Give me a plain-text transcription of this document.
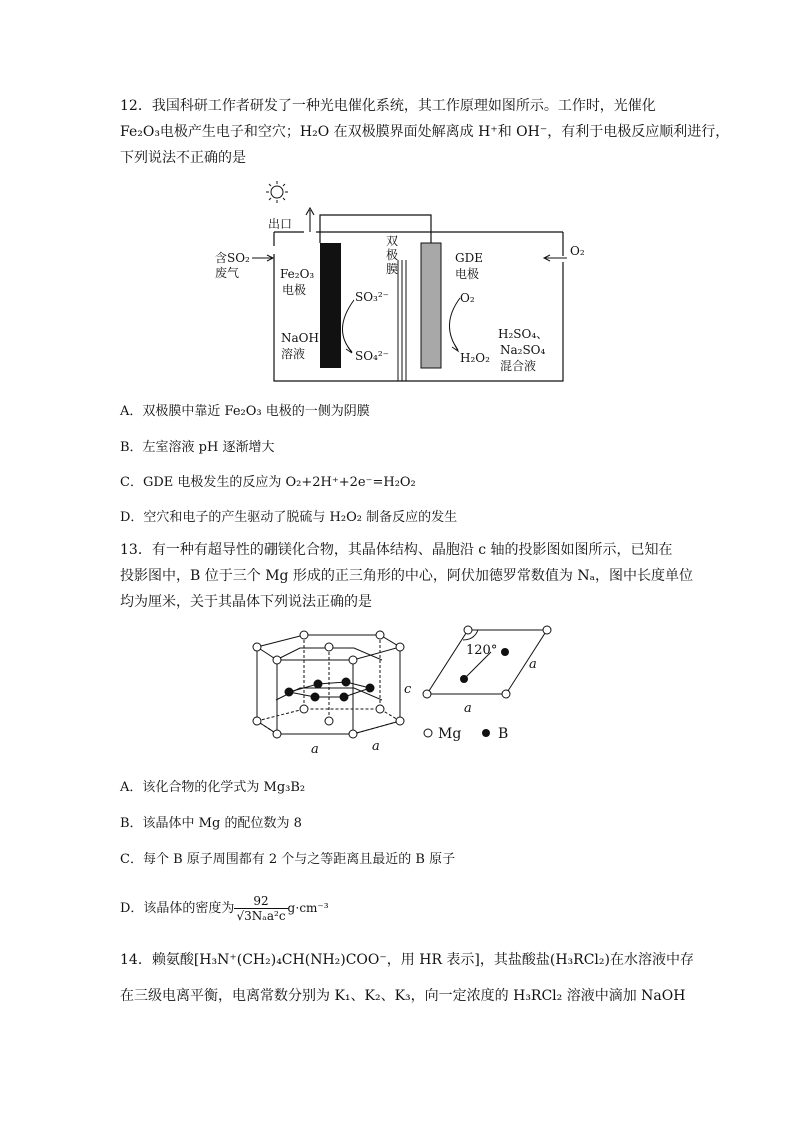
12．我国科研工作者研发了一种光电催化系统，其工作原理如图所示。工作时，光催化
Fe₂O₃电极产生电子和空穴；H₂O 在双极膜界面处解离成 H⁺和 OH⁻，有利于电极反应顺利进行，
下列说法不正确的是
出口
双
极
膜
含SO₂
废气	Fe₂O₃
电极	SO₃²⁻
SO₄²⁻
NaOH
溶液
GDE
电极
O₂
H₂O₂
O₂
H₂SO₄、
Na₂SO₄
混合液
A．双极膜中靠近 Fe₂O₃ 电极的一侧为阴膜
B．左室溶液 pH 逐渐增大
C．GDE 电极发生的反应为 O₂+2H⁺+2e⁻=H₂O₂
D．空穴和电子的产生驱动了脱硫与 H₂O₂ 制备反应的发生
13．有一种有超导性的硼镁化合物，其晶体结构、晶胞沿 c 轴的投影图如图所示，已知在
投影图中，B 位于三个 Mg 形成的正三角形的中心，阿伏加德罗常数值为 Nₐ，图中长度单位
均为厘米，关于其晶体下列说法正确的是
c
a	a
120°
a
a
Mg	B
A．该化合物的化学式为 Mg₃B₂
B．该晶体中 Mg 的配位数为 8
C．每个 B 原子周围都有 2 个与之等距离且最近的 B 原子
D．该晶体的密度为 $\frac{92}{\text{√3Nₐa²c}} g\cdot cm^{-3}$
14．赖氨酸[H₃N⁺(CH₂)₄CH(NH₂)COO⁻，用 HR 表示]，其盐酸盐(H₃RCl₂)在水溶液中存
在三级电离平衡，电离常数分别为 K₁、K₂、K₃，向一定浓度的 H₃RCl₂ 溶液中滴加 NaOH
